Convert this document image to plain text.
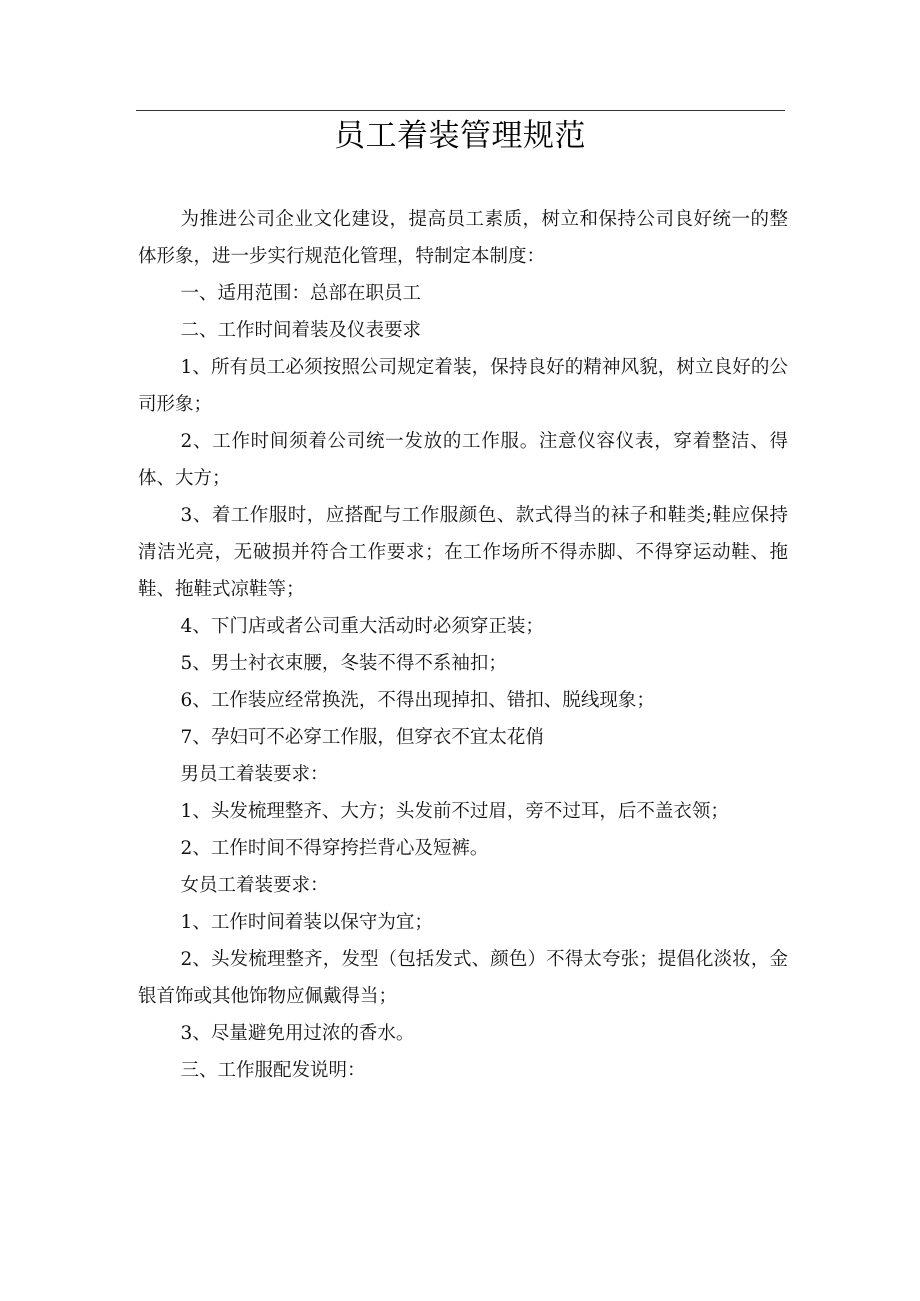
员工着装管理规范

为推进公司企业文化建设，提高员工素质，树立和保持公司良好统一的整体形象，进一步实行规范化管理，特制定本制度：

一、适用范围：总部在职员工

二、工作时间着装及仪表要求

1、所有员工必须按照公司规定着装，保持良好的精神风貌，树立良好的公司形象；

2、工作时间须着公司统一发放的工作服。注意仪容仪表，穿着整洁、得体、大方；

3、着工作服时，应搭配与工作服颜色、款式得当的袜子和鞋类;鞋应保持清洁光亮，无破损并符合工作要求；在工作场所不得赤脚、不得穿运动鞋、拖鞋、拖鞋式凉鞋等；

4、下门店或者公司重大活动时必须穿正装；

5、男士衬衣束腰，冬装不得不系袖扣；

6、工作装应经常换洗，不得出现掉扣、错扣、脱线现象；

7、孕妇可不必穿工作服，但穿衣不宜太花俏

男员工着装要求：

1、头发梳理整齐、大方；头发前不过眉，旁不过耳，后不盖衣领；

2、工作时间不得穿挎拦背心及短裤。

女员工着装要求：

1、工作时间着装以保守为宜；

2、头发梳理整齐，发型（包括发式、颜色）不得太夸张；提倡化淡妆，金银首饰或其他饰物应佩戴得当；

3、尽量避免用过浓的香水。

三、工作服配发说明：
